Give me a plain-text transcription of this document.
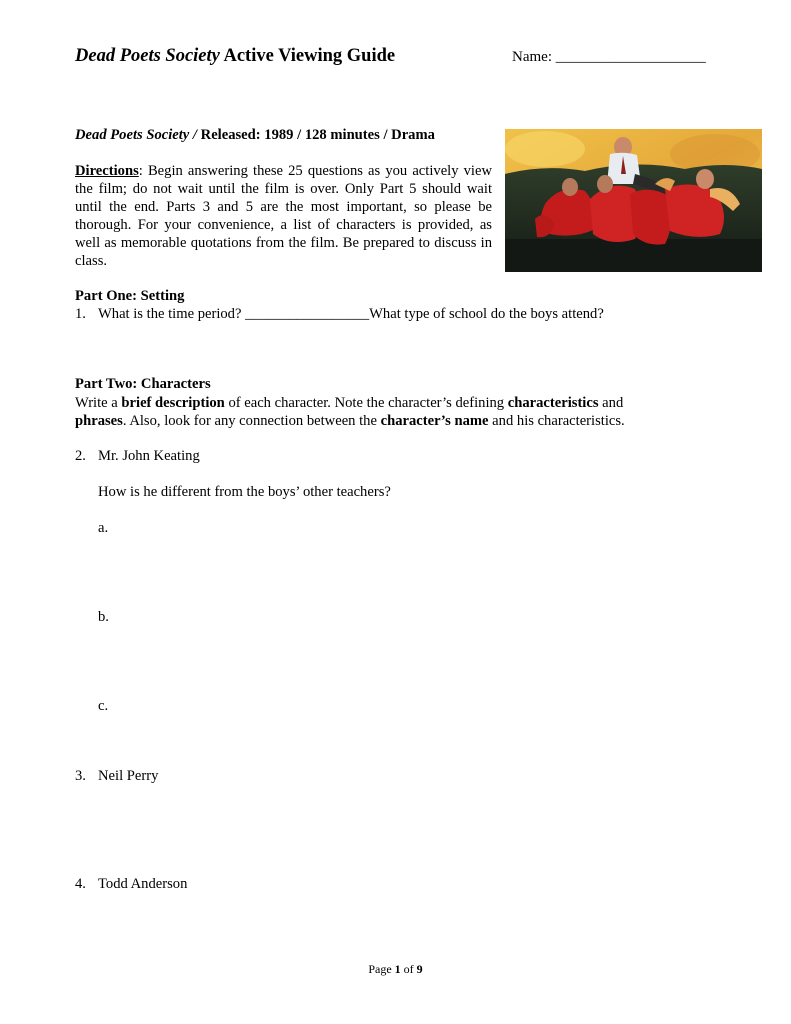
Dead Poets Society Active Viewing Guide	Name: ____________________
Dead Poets Society / Released: 1989 / 128 minutes / Drama
Directions: Begin answering these 25 questions as you actively view the film; do not wait until the film is over. Only Part 5 should wait until the end. Parts 3 and 5 are the most important, so please be thorough. For your convenience, a list of characters is provided, as well as memorable quotations from the film. Be prepared to discuss in class.
Part One: Setting
1. What is the time period? _________________What type of school do the boys attend?
Part Two: Characters
Write a brief description of each character. Note the character’s defining characteristics and
phrases. Also, look for any connection between the character’s name and his characteristics.
2. Mr. John Keating
How is he different from the boys’ other teachers?
a.
b.
c.
3. Neil Perry
4. Todd Anderson
Page 1 of 9
